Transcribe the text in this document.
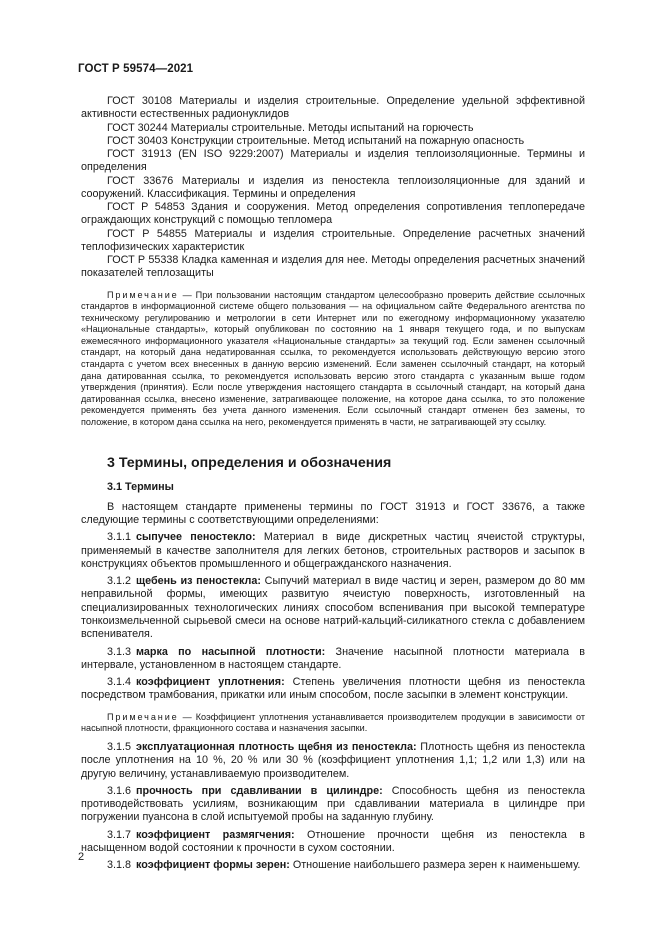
ГОСТ Р 59574—2021

ГОСТ 30108 Материалы и изделия строительные. Определение удельной эффективной активности естественных радионуклидов

ГОСТ 30244 Материалы строительные. Методы испытаний на горючесть

ГОСТ 30403 Конструкции строительные. Метод испытаний на пожарную опасность

ГОСТ 31913 (EN ISO 9229:2007) Материалы и изделия теплоизоляционные. Термины и определения

ГОСТ 33676 Материалы и изделия из пеностекла теплоизоляционные для зданий и сооружений. Классификация. Термины и определения

ГОСТ Р 54853 Здания и сооружения. Метод определения сопротивления теплопередаче ограждающих конструкций с помощью тепломера

ГОСТ Р 54855 Материалы и изделия строительные. Определение расчетных значений теплофизических характеристик

ГОСТ Р 55338 Кладка каменная и изделия для нее. Методы определения расчетных значений показателей теплозащиты

Примечание — При пользовании настоящим стандартом целесообразно проверить действие ссылочных стандартов в информационной системе общего пользования — на официальном сайте Федерального агентства по техническому регулированию и метрологии в сети Интернет или по ежегодному информационному указателю «Национальные стандарты», который опубликован по состоянию на 1 января текущего года, и по выпускам ежемесячного информационного указателя «Национальные стандарты» за текущий год. Если заменен ссылочный стандарт, на который дана недатированная ссылка, то рекомендуется использовать действующую версию этого стандарта с учетом всех внесенных в данную версию изменений. Если заменен ссылочный стандарт, на который дана датированная ссылка, то рекомендуется использовать версию этого стандарта с указанным выше годом утверждения (принятия). Если после утверждения настоящего стандарта в ссылочный стандарт, на который дана датированная ссылка, внесено изменение, затрагивающее положение, на которое дана ссылка, то это положение рекомендуется применять без учета данного изменения. Если ссылочный стандарт отменен без замены, то положение, в котором дана ссылка на него, рекомендуется применять в части, не затрагивающей эту ссылку.
3 Термины, определения и обозначения
3.1 Термины

В настоящем стандарте применены термины по ГОСТ 31913 и ГОСТ 33676, а также следующие термины с соответствующими определениями:

3.1.1 сыпучее пеностекло: Материал в виде дискретных частиц ячеистой структуры, применяемый в качестве заполнителя для легких бетонов, строительных растворов и засыпок в конструкциях объектов промышленного и общегражданского назначения.

3.1.2 щебень из пеностекла: Сыпучий материал в виде частиц и зерен, размером до 80 мм неправильной формы, имеющих развитую ячеистую поверхность, изготовленный на специализированных технологических линиях способом вспенивания при высокой температуре тонкоизмельченной сырьевой смеси на основе натрий-кальций-силикатного стекла с добавлением вспенивателя.

3.1.3 марка по насыпной плотности: Значение насыпной плотности материала в интервале, установленном в настоящем стандарте.

3.1.4 коэффициент уплотнения: Степень увеличения плотности щебня из пеностекла посредством трамбования, прикатки или иным способом, после засыпки в элемент конструкции.

Примечание — Коэффициент уплотнения устанавливается производителем продукции в зависимости от насыпной плотности, фракционного состава и назначения засыпки.

3.1.5 эксплуатационная плотность щебня из пеностекла: Плотность щебня из пеностекла после уплотнения на 10 %, 20 % или 30 % (коэффициент уплотнения 1,1; 1,2 или 1,3) или на другую величину, устанавливаемую производителем.

3.1.6 прочность при сдавливании в цилиндре: Способность щебня из пеностекла противодействовать усилиям, возникающим при сдавливании материала в цилиндре при погружении пуансона в слой испытуемой пробы на заданную глубину.

3.1.7 коэффициент размягчения: Отношение прочности щебня из пеностекла в насыщенном водой состоянии к прочности в сухом состоянии.

3.1.8 коэффициент формы зерен: Отношение наибольшего размера зерен к наименьшему.

2
